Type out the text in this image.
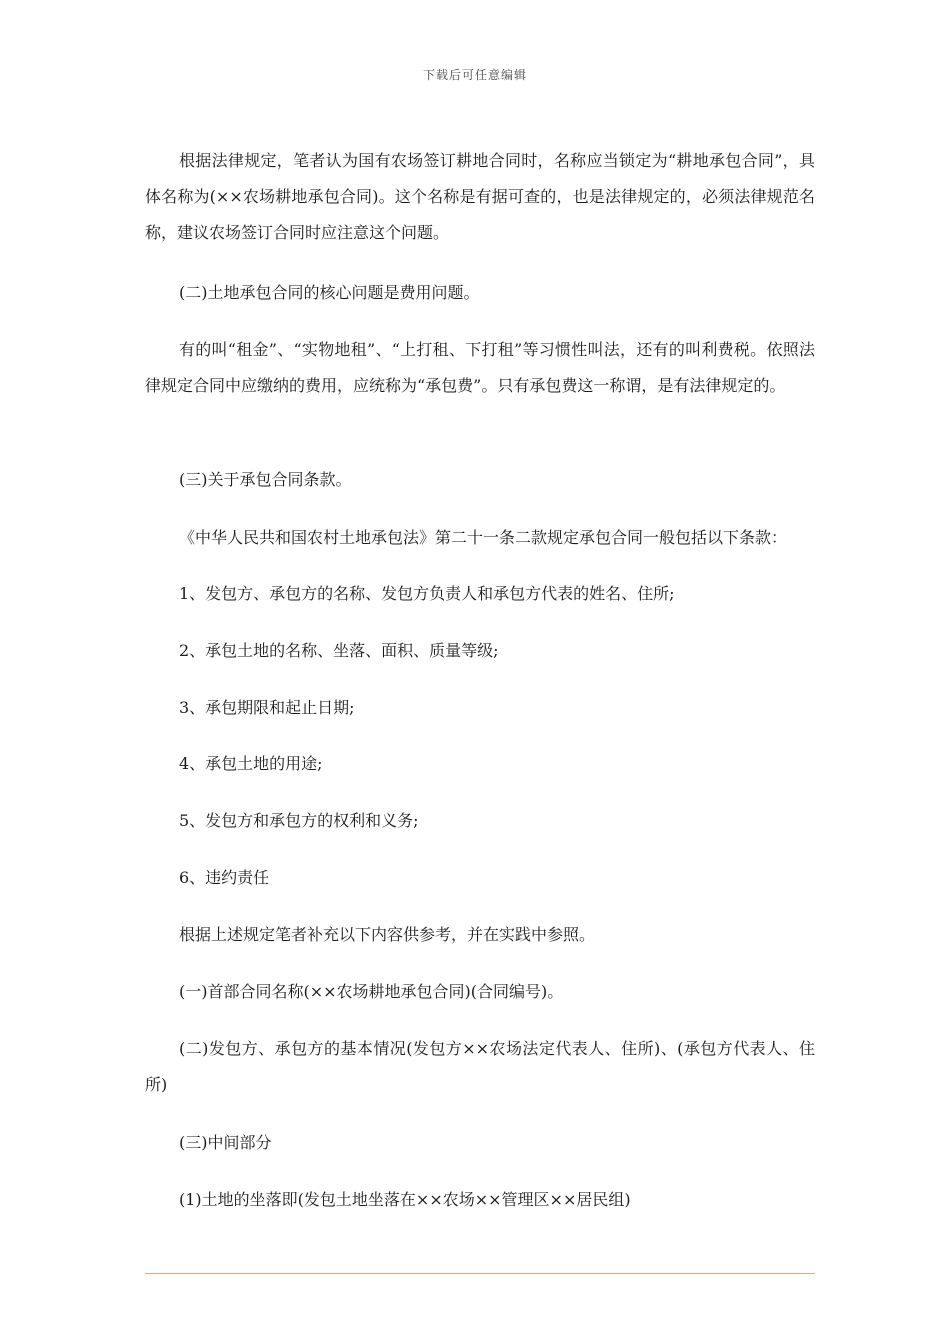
下载后可任意编辑

根据法律规定，笔者认为国有农场签订耕地合同时，名称应当锁定为“耕地承包合同”，具体名称为(××农场耕地承包合同)。这个名称是有据可查的，也是法律规定的，必须法律规范名称，建议农场签订合同时应注意这个问题。

(二)土地承包合同的核心问题是费用问题。

有的叫“租金”、“实物地租”、“上打租、下打租”等习惯性叫法，还有的叫利费税。依照法律规定合同中应缴纳的费用，应统称为“承包费”。只有承包费这一称谓，是有法律规定的。

(三)关于承包合同条款。

《中华人民共和国农村土地承包法》第二十一条二款规定承包合同一般包括以下条款：

1、发包方、承包方的名称、发包方负责人和承包方代表的姓名、住所;

2、承包土地的名称、坐落、面积、质量等级;

3、承包期限和起止日期;

4、承包土地的用途;

5、发包方和承包方的权利和义务;

6、违约责任

根据上述规定笔者补充以下内容供参考，并在实践中参照。

(一)首部合同名称(××农场耕地承包合同)(合同编号)。

(二)发包方、承包方的基本情况(发包方××农场法定代表人、住所)、(承包方代表人、住所)

(三)中间部分

(1)土地的坐落即(发包土地坐落在××农场××管理区××居民组)
